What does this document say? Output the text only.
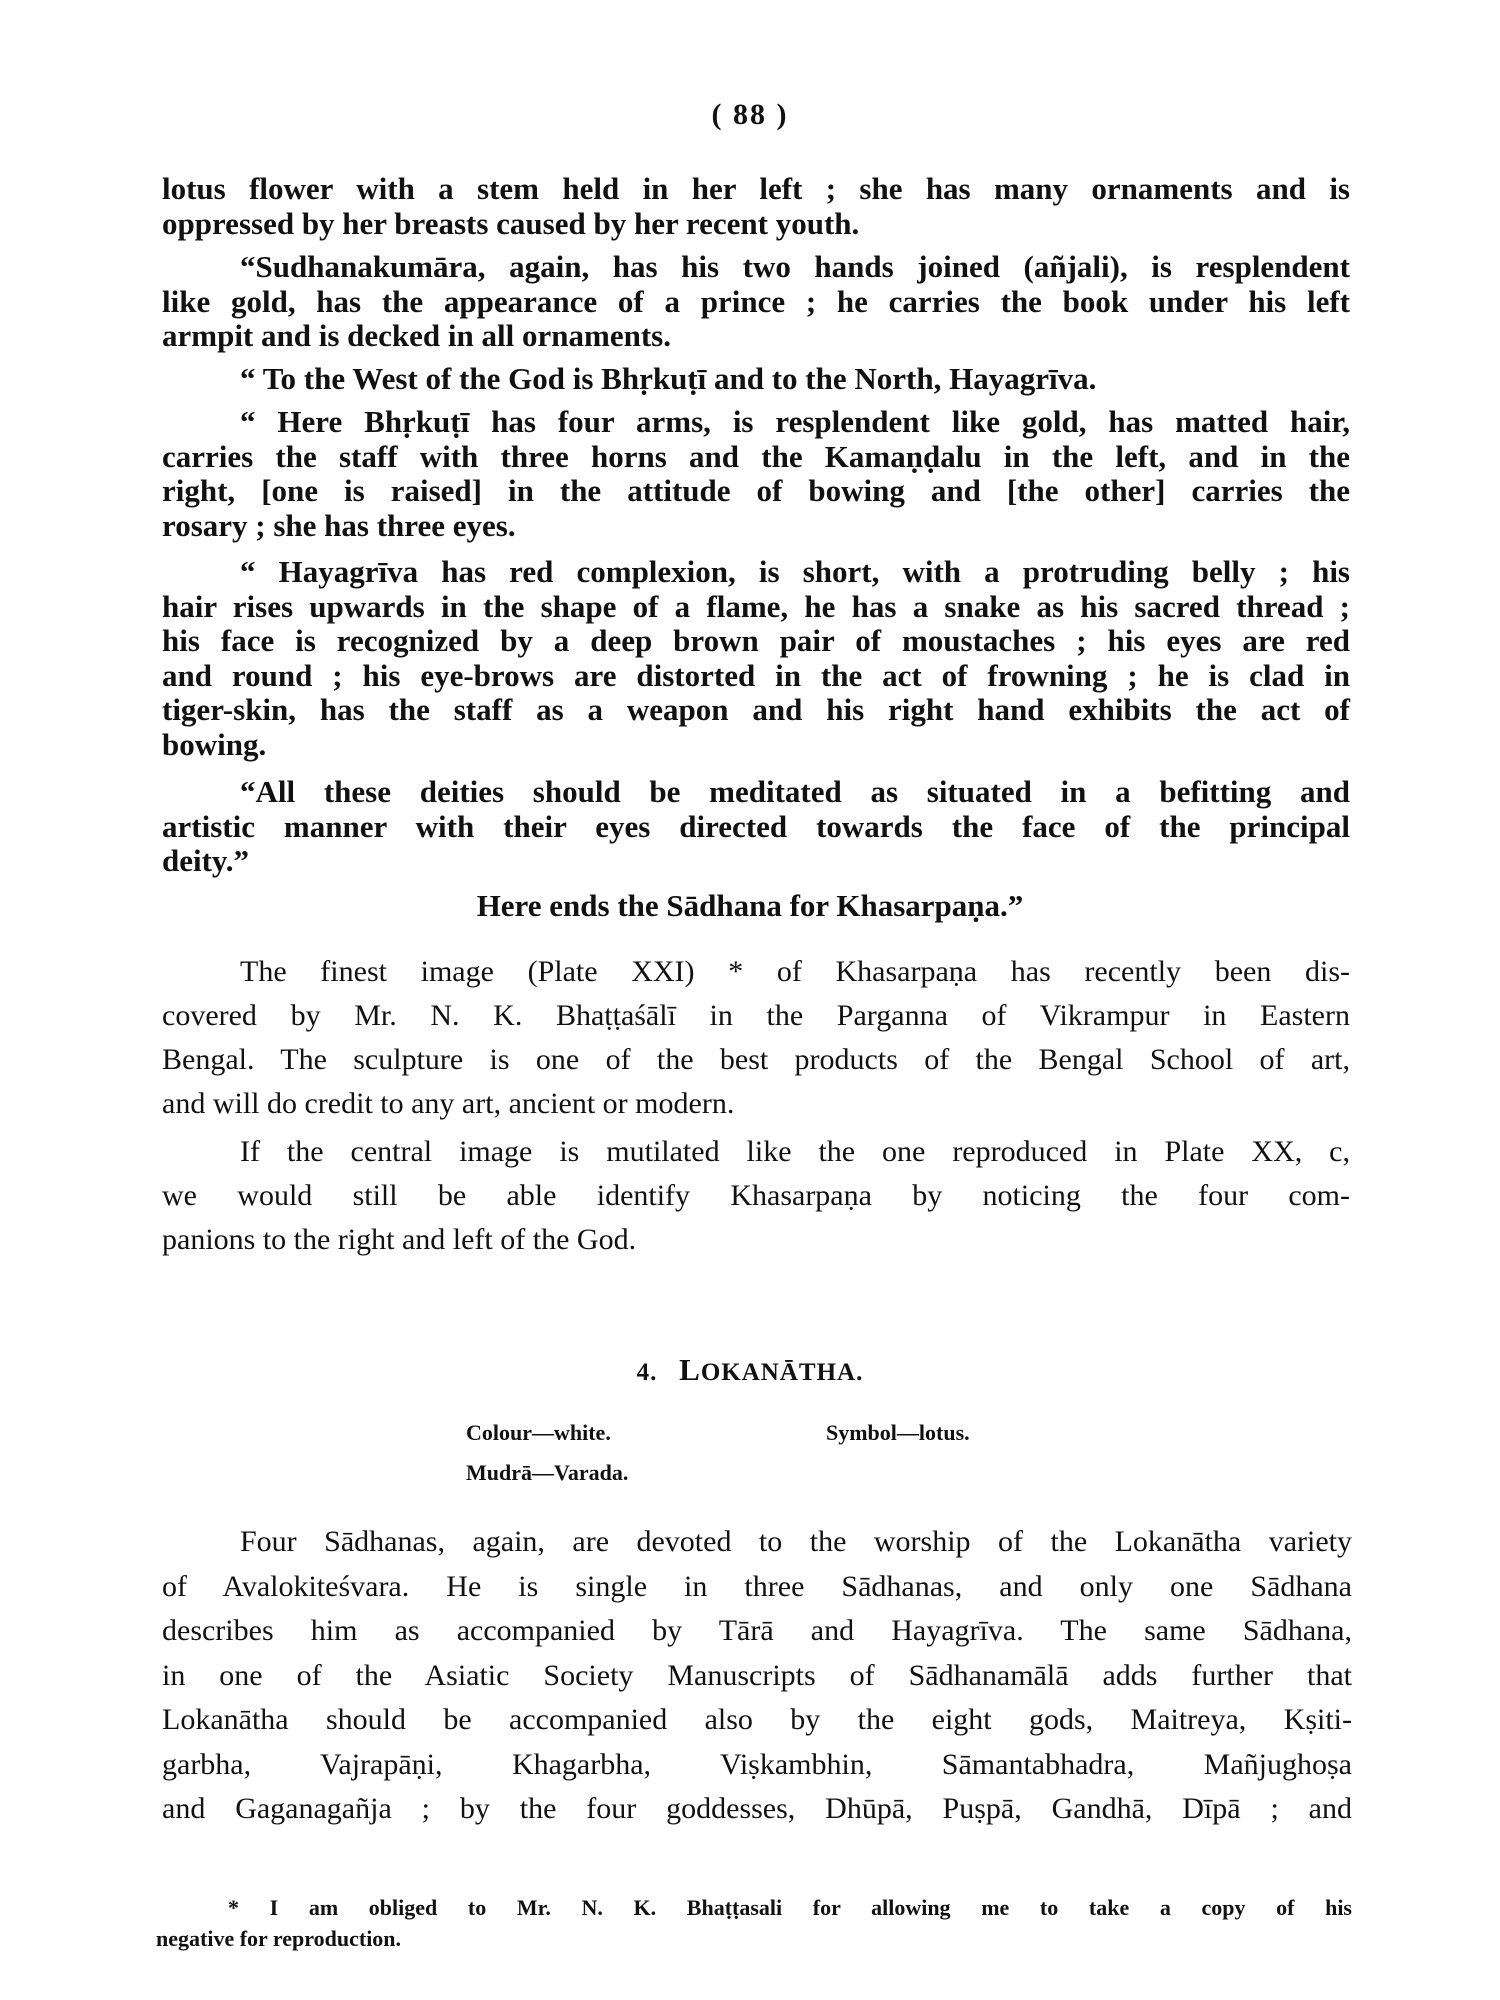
( 88 )

lotus flower with a stem held in her left ; she has many ornaments and is
oppressed by her breasts caused by her recent youth.

“Sudhanakumāra, again, has his two hands joined (añjali), is resplendent
like gold, has the appearance of a prince ; he carries the book under his left
armpit and is decked in all ornaments.

“ To the West of the God is Bhṛkuṭī and to the North, Hayagrīva.

“ Here Bhṛkuṭī has four arms, is resplendent like gold, has matted hair,
carries the staff with three horns and the Kamaṇḍalu in the left, and in the
right, [one is raised] in the attitude of bowing and [the other] carries the
rosary ; she has three eyes.

“ Hayagrīva has red complexion, is short, with a protruding belly ; his
hair rises upwards in the shape of a flame, he has a snake as his sacred thread ;
his face is recognized by a deep brown pair of moustaches ; his eyes are red
and round ; his eye-brows are distorted in the act of frowning ; he is clad in
tiger-skin, has the staff as a weapon and his right hand exhibits the act of
bowing.

“All these deities should be meditated as situated in a befitting and
artistic manner with their eyes directed towards the face of the principal
deity.”

Here ends the Sādhana for Khasarpaṇa.”

The finest image (Plate XXI) * of Khasarpaṇa has recently been dis-
covered by Mr. N. K. Bhaṭṭaśālī in the Parganna of Vikrampur in Eastern
Bengal. The sculpture is one of the best products of the Bengal School of art,
and will do credit to any art, ancient or modern.

If the central image is mutilated like the one reproduced in Plate XX, c,
we would still be able identify Khasarpaṇa by noticing the four com-
panions to the right and left of the God.

4. LOKANĀTHA.
Colour—white.	Symbol—lotus.
Mudrā—Varada.

Four Sādhanas, again, are devoted to the worship of the Lokanātha variety
of Avalokiteśvara. He is single in three Sādhanas, and only one Sādhana
describes him as accompanied by Tārā and Hayagrīva. The same Sādhana,
in one of the Asiatic Society Manuscripts of Sādhanamālā adds further that
Lokanātha should be accompanied also by the eight gods, Maitreya, Kṣiti-
garbha, Vajrapāṇi, Khagarbha, Viṣkambhin, Sāmantabhadra, Mañjughoṣa
and Gaganagañja ; by the four goddesses, Dhūpā, Puṣpā, Gandhā, Dīpā ; and

* I am obliged to Mr. N. K. Bhaṭṭasali for allowing me to take a copy of his
negative for reproduction.
